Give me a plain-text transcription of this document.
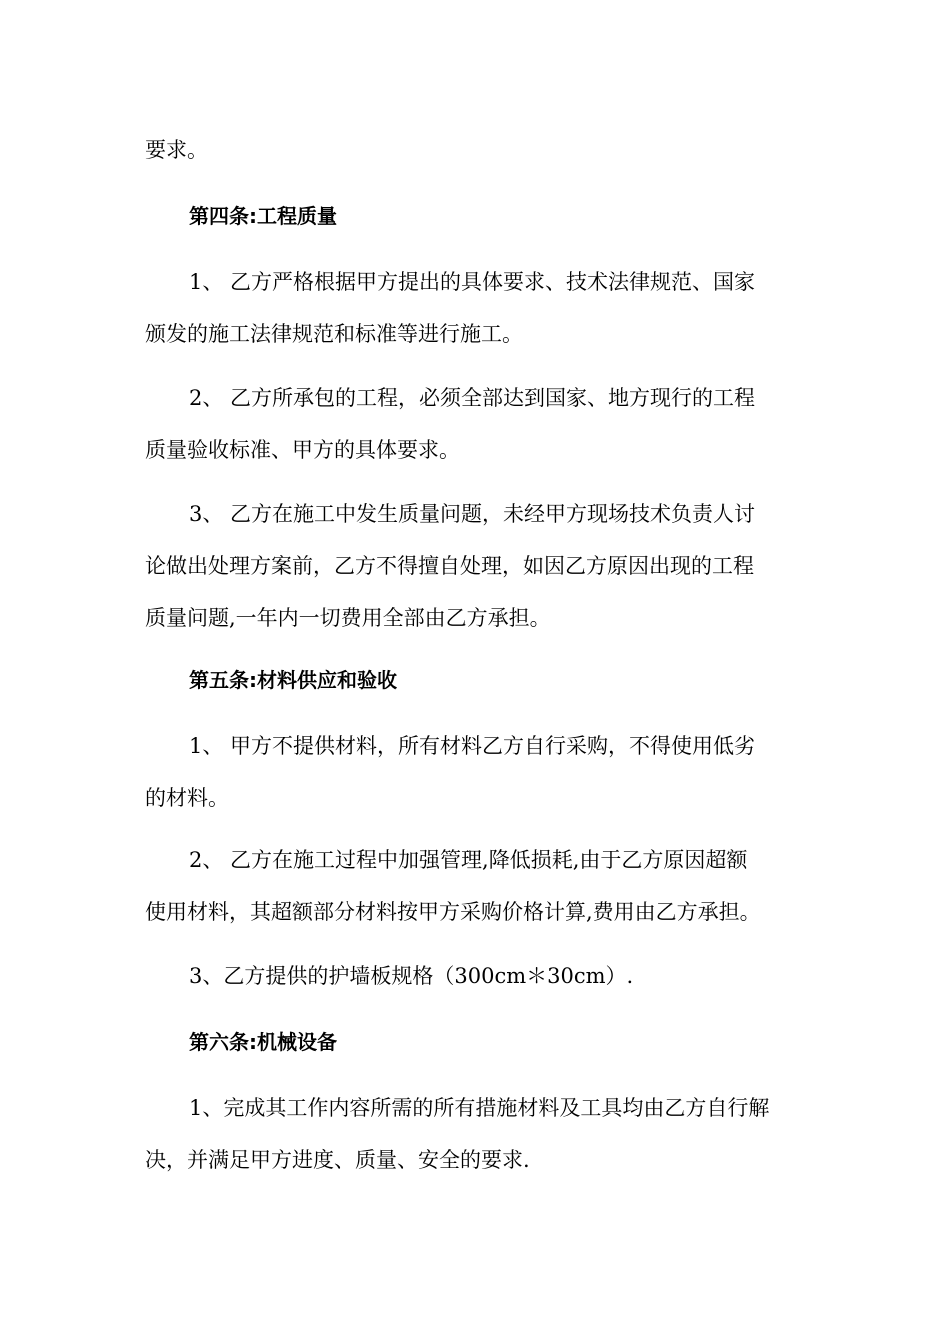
要求。
第四条:工程质量
1、 乙方严格根据甲方提出的具体要求、技术法律规范、国家
颁发的施工法律规范和标准等进行施工。
2、 乙方所承包的工程，必须全部达到国家、地方现行的工程
质量验收标准、甲方的具体要求。
3、 乙方在施工中发生质量问题，未经甲方现场技术负责人讨
论做出处理方案前，乙方不得擅自处理，如因乙方原因出现的工程
质量问题,一年内一切费用全部由乙方承担。
第五条:材料供应和验收
1、 甲方不提供材料，所有材料乙方自行采购，不得使用低劣
的材料。
2、 乙方在施工过程中加强管理,降低损耗,由于乙方原因超额
使用材料，其超额部分材料按甲方采购价格计算,费用由乙方承担。
3、乙方提供的护墙板规格（300cm＊30cm）.
第六条:机械设备
1、完成其工作内容所需的所有措施材料及工具均由乙方自行解
决，并满足甲方进度、质量、安全的要求.
